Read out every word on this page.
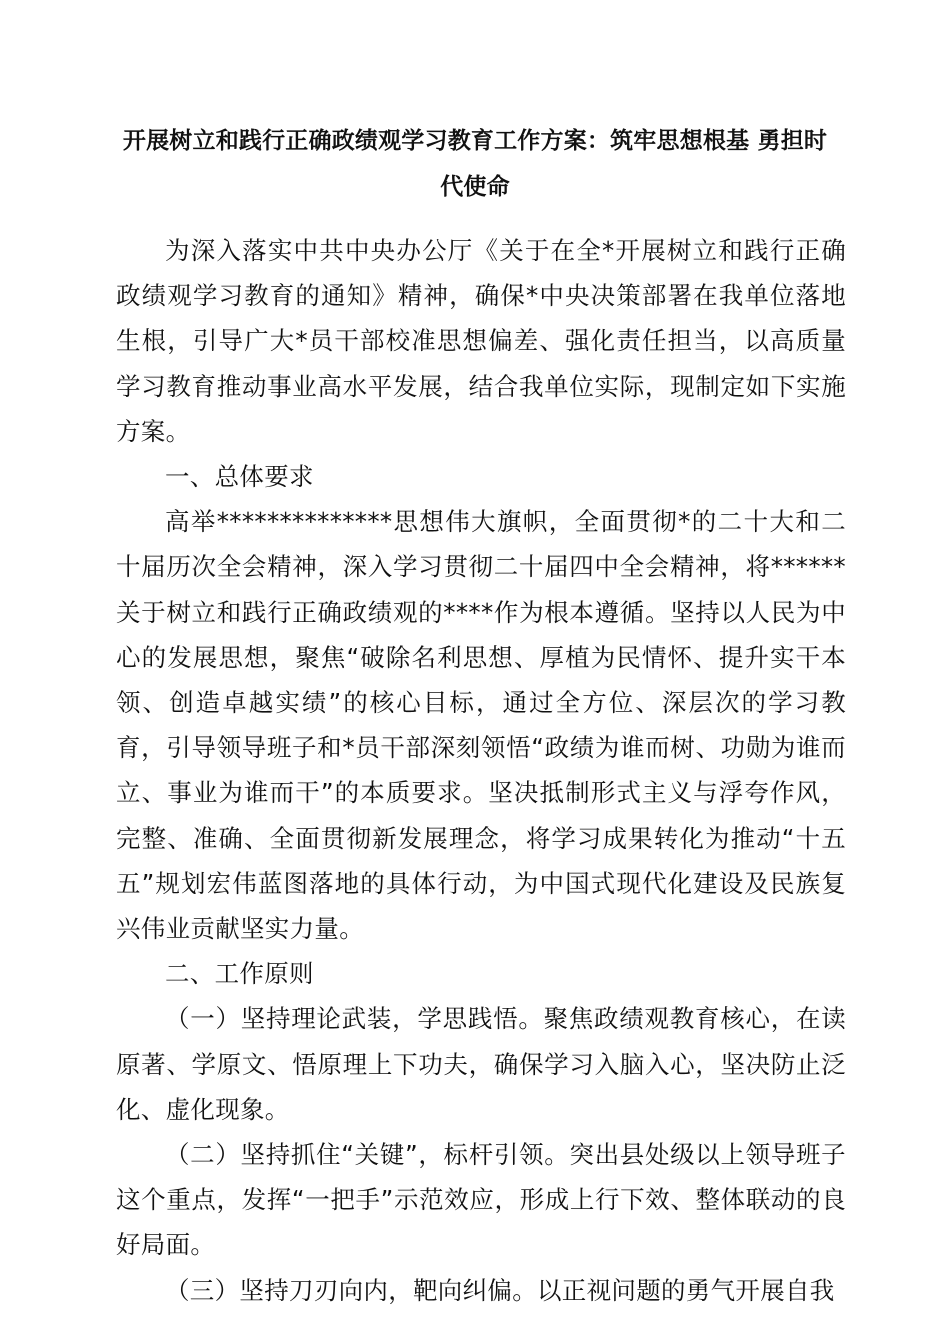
开展树立和践行正确政绩观学习教育工作方案：筑牢思想根基 勇担时代使命

为深入落实中共中央办公厅《关于在全*开展树立和践行正确政绩观学习教育的通知》精神，确保*中央决策部署在我单位落地生根，引导广大*员干部校准思想偏差、强化责任担当，以高质量学习教育推动事业高水平发展，结合我单位实际，现制定如下实施方案。

一、总体要求

高举**************思想伟大旗帜，全面贯彻*的二十大和二十届历次全会精神，深入学习贯彻二十届四中全会精神，将******关于树立和践行正确政绩观的****作为根本遵循。坚持以人民为中心的发展思想，聚焦“破除名利思想、厚植为民情怀、提升实干本领、创造卓越实绩”的核心目标，通过全方位、深层次的学习教育，引导领导班子和*员干部深刻领悟“政绩为谁而树、功勋为谁而立、事业为谁而干”的本质要求。坚决抵制形式主义与浮夸作风，完整、准确、全面贯彻新发展理念，将学习成果转化为推动“十五五”规划宏伟蓝图落地的具体行动，为中国式现代化建设及民族复兴伟业贡献坚实力量。

二、工作原则

（一）坚持理论武装，学思践悟。聚焦政绩观教育核心，在读原著、学原文、悟原理上下功夫，确保学习入脑入心，坚决防止泛化、虚化现象。

（二）坚持抓住“关键”，标杆引领。突出县处级以上领导班子这个重点，发挥“一把手”示范效应，形成上行下效、整体联动的良好局面。

（三）坚持刀刃向内，靶向纠偏。以正视问题的勇气开展自我
